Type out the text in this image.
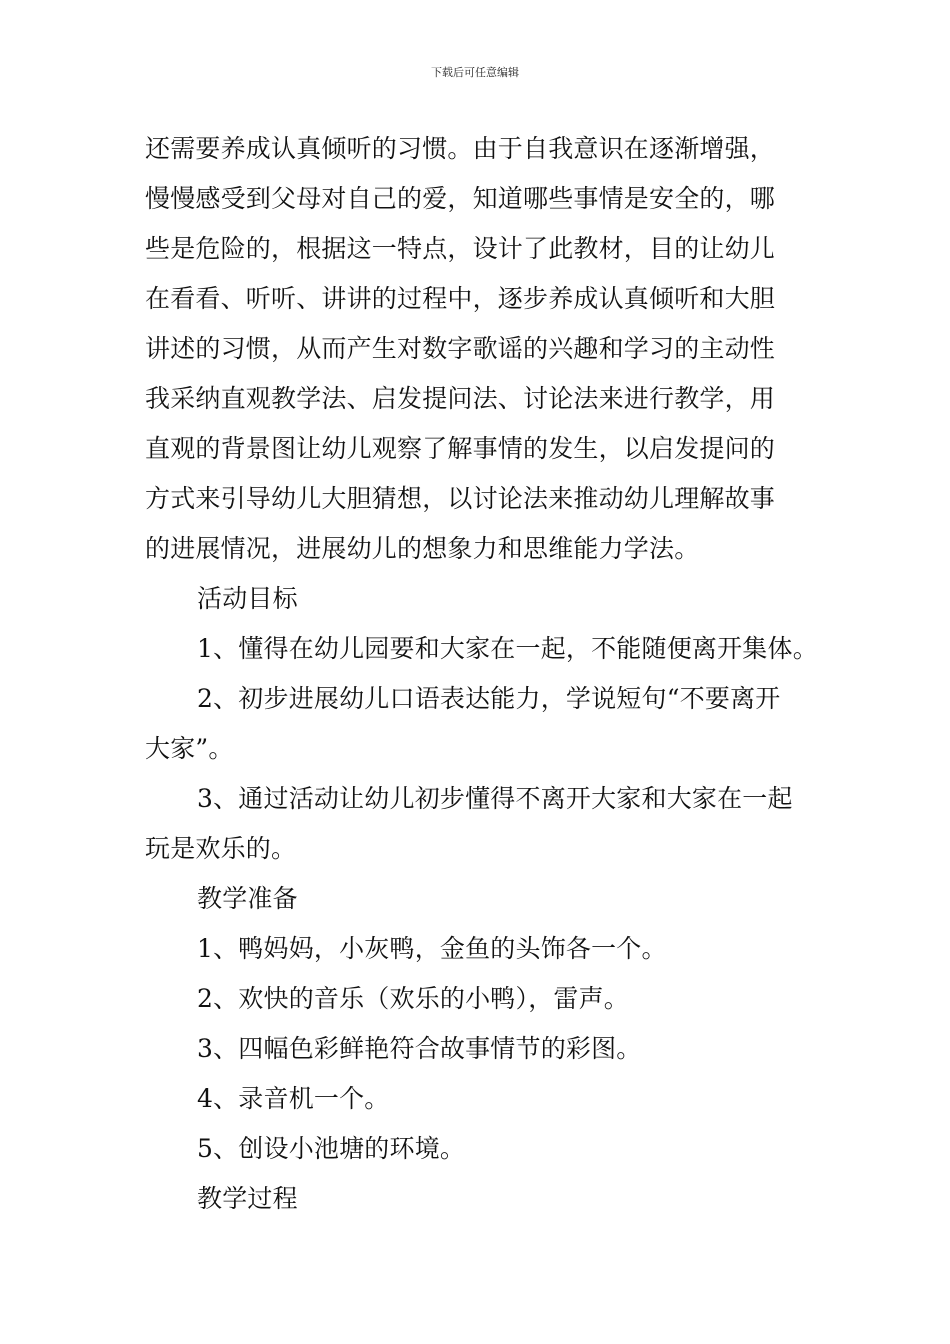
下载后可任意编辑
还需要养成认真倾听的习惯。由于自我意识在逐渐增强，
慢慢感受到父母对自己的爱，知道哪些事情是安全的，哪
些是危险的，根据这一特点，设计了此教材，目的让幼儿
在看看、听听、讲讲的过程中，逐步养成认真倾听和大胆
讲述的习惯，从而产生对数字歌谣的兴趣和学习的主动性
我采纳直观教学法、启发提问法、讨论法来进行教学，用
直观的背景图让幼儿观察了解事情的发生，以启发提问的
方式来引导幼儿大胆猜想，以讨论法来推动幼儿理解故事
的进展情况，进展幼儿的想象力和思维能力学法。
活动目标
1、懂得在幼儿园要和大家在一起，不能随便离开集体。
2、初步进展幼儿口语表达能力，学说短句“不要离开
大家”。
3、通过活动让幼儿初步懂得不离开大家和大家在一起
玩是欢乐的。
教学准备
1、鸭妈妈，小灰鸭，金鱼的头饰各一个。
2、欢快的音乐（欢乐的小鸭），雷声。
3、四幅色彩鲜艳符合故事情节的彩图。
4、录音机一个。
5、创设小池塘的环境。
教学过程
